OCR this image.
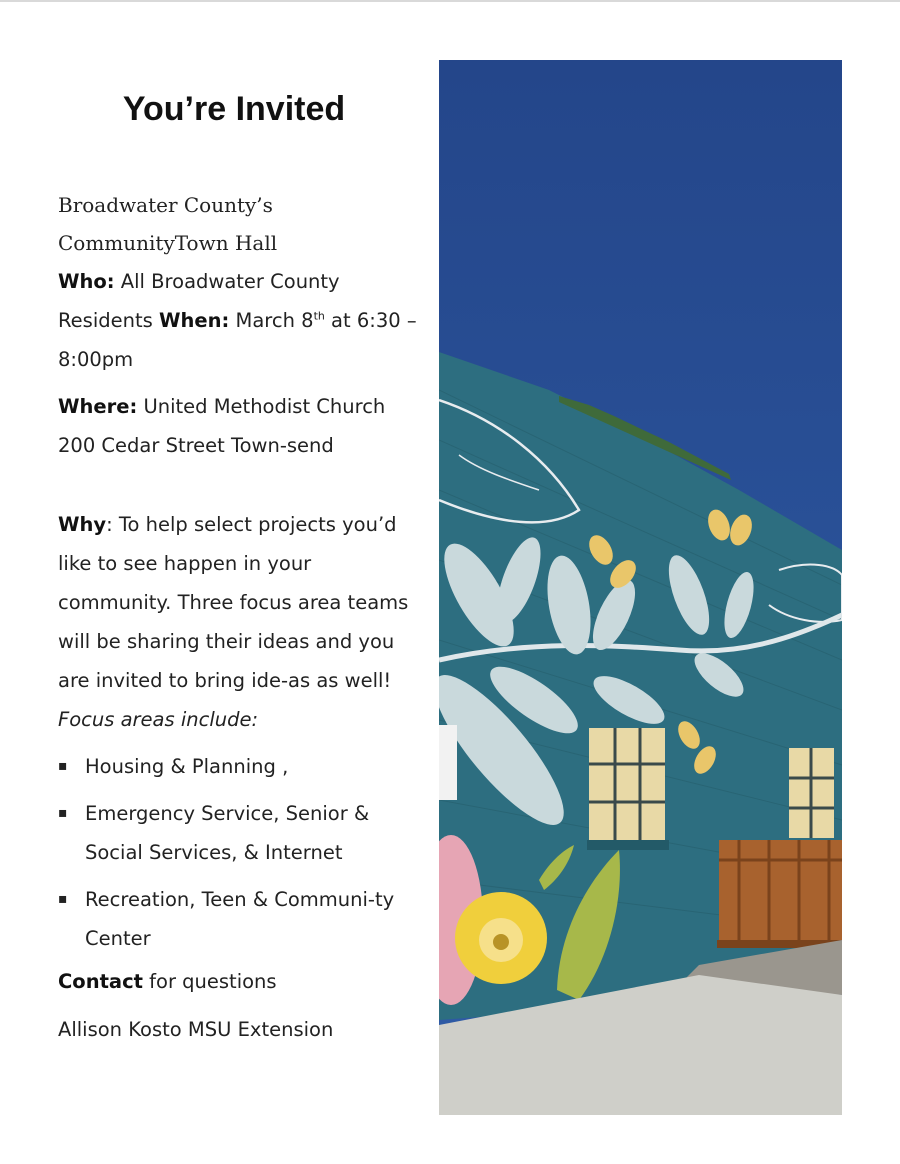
You’re Invited
Broadwater County’s
CommunityTown Hall
Who: All Broadwater County Residents When: March 8th at 6:30 – 8:00pm
Where: United Methodist Church 200 Cedar Street Town-send
Why: To help select projects you’d like to see happen in your community. Three focus area teams will be sharing their ideas and you are invited to bring ide-as as well! Focus areas include:
▪ Housing & Planning ,
▪ Emergency Service, Senior & Social Services, & Internet
▪ Recreation, Teen & Communi-ty Center
Contact for questions
Allison Kosto MSU Extension
